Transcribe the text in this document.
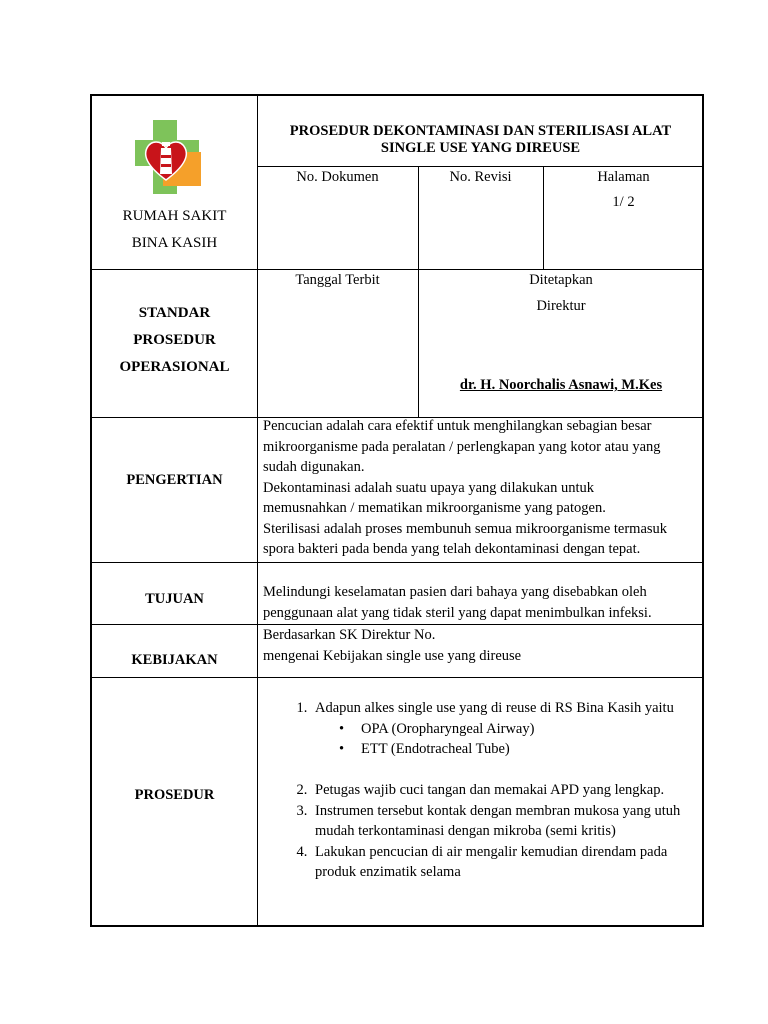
RUMAH SAKIT
BINA KASIH
PROSEDUR DEKONTAMINASI DAN STERILISASI ALAT
SINGLE USE YANG DIREUSE
No. Dokumen	No. Revisi	Halaman
1/ 2
STANDAR
PROSEDUR
OPERASIONAL
Tanggal Terbit	Ditetapkan
Direktur
dr. H. Noorchalis Asnawi, M.Kes
PENGERTIAN
Pencucian adalah cara efektif untuk menghilangkan sebagian besar
mikroorganisme pada peralatan / perlengkapan yang kotor atau yang
sudah digunakan.
Dekontaminasi adalah suatu upaya yang dilakukan untuk
memusnahkan / mematikan mikroorganisme yang patogen.
Sterilisasi adalah proses membunuh semua mikroorganisme termasuk
spora bakteri pada benda yang telah dekontaminasi dengan tepat.
TUJUAN	Melindungi keselamatan pasien dari bahaya yang disebabkan oleh
penggunaan alat yang tidak steril yang dapat menimbulkan infeksi.
KEBIJAKAN
Berdasarkan SK Direktur No.
mengenai Kebijakan single use yang direuse
PROSEDUR
1. Adapun alkes single use yang di reuse di RS Bina Kasih yaitu
• OPA (Oropharyngeal Airway)
• ETT (Endotracheal Tube)
2. Petugas wajib cuci tangan dan memakai APD yang lengkap.
3. Instrumen tersebut kontak dengan membran mukosa yang utuh
mudah terkontaminasi dengan mikroba (semi kritis)
4. Lakukan pencucian di air mengalir kemudian direndam pada
produk enzimatik selama
